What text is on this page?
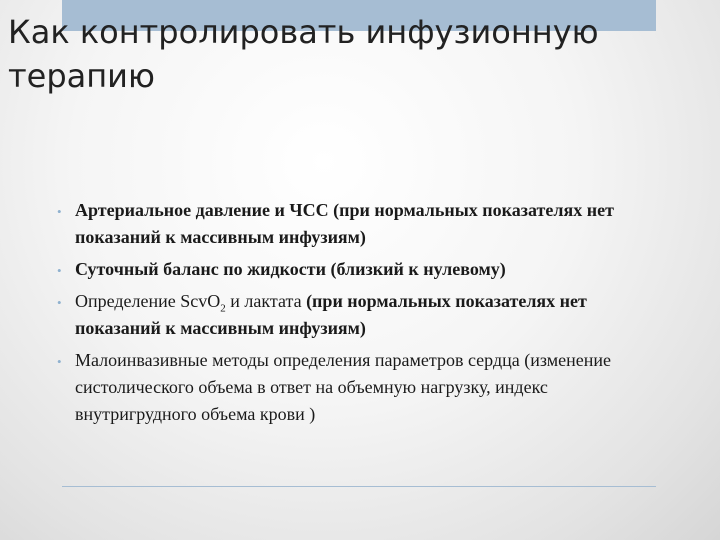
Как контролировать инфузионную терапию
• Артериальное давление и ЧСС (при нормальных показателях нет показаний к массивным инфузиям)
• Суточный баланс по жидкости (близкий к нулевому)
• Определение ScvO$_2$ и лактата (при нормальных показателях нет показаний к массивным инфузиям)
• Малоинвазивные методы определения параметров сердца (изменение систолического объема в ответ на объемную нагрузку, индекс внутригрудного объема крови )
